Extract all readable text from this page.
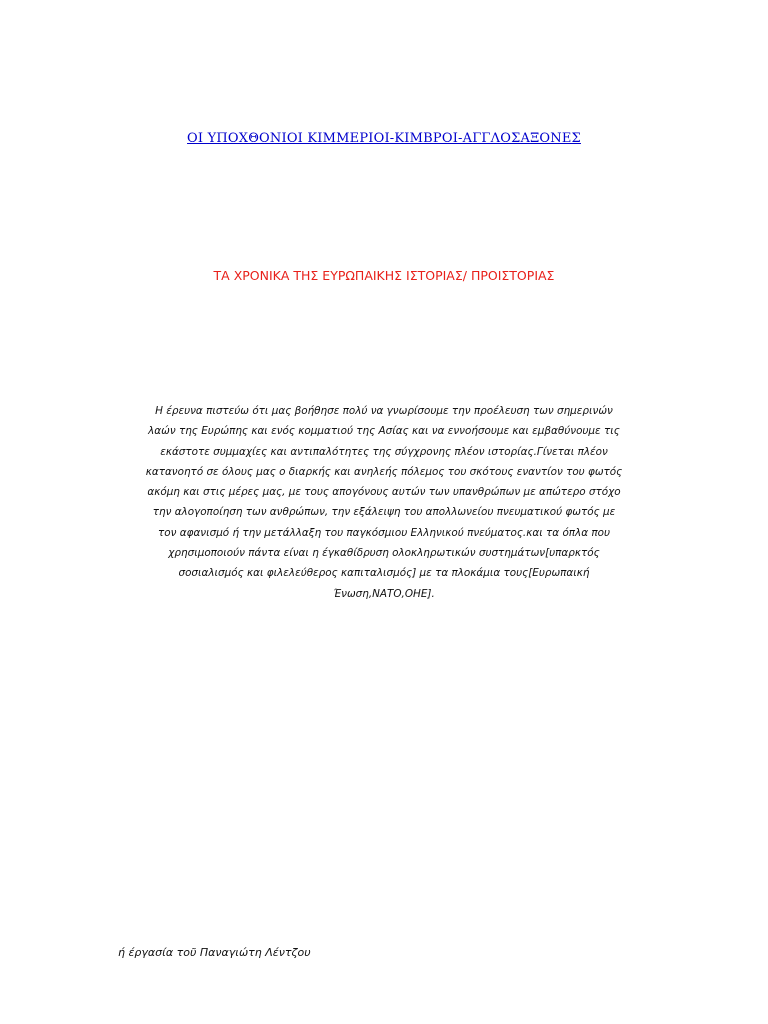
ΟΙ ΥΠΟΧΘΟΝΙΟΙ ΚΙΜΜΕΡΙΟΙ-ΚΙΜΒΡΟΙ-ΑΓΓΛΟΣΑΞΟΝΕΣ
ΤΑ ΧΡΟΝΙΚΑ ΤΗΣ ΕΥΡΩΠΑΙΚΗΣ ΙΣΤΟΡΙΑΣ/ ΠΡΟΙΣΤΟΡΙΑΣ
Η έρευνα πιστεύω ότι μας βοήθησε πολύ να γνωρίσουμε την προέλευση των σημερινών
λαών της Ευρώπης και ενός κομματιού της Ασίας και να εννοήσουμε και εμβαθύνουμε τις
εκάστοτε συμμαχίες και αντιπαλότητες της σύγχρονης πλέον ιστορίας.Γίνεται πλέον
κατανοητό σε όλους μας ο διαρκής και ανηλεής πόλεμος του σκότους εναντίον του φωτός
ακόμη και στις μέρες μας, με τους απογόνους αυτών των υπανθρώπων με απώτερο στόχο
την αλογοποίηση των ανθρώπων, την εξάλειψη του απολλωνείου πνευματικού φωτός με
τον αφανισμό ή την μετάλλαξη του παγκόσμιου Ελληνικού πνεύματος.και τα όπλα που
χρησιμοποιούν πάντα είναι η έγκαθίδρυση ολοκληρωτικών συστημάτων[υπαρκτός
σοσιαλισμός και φιλελεύθερος καπιταλισμός] με τα πλοκάμια τους[Ευρωπαική
Ένωση,ΝΑΤΟ,ΟΗΕ].
ή έργασία τοῦ Παναγιώτη Λέντζου
